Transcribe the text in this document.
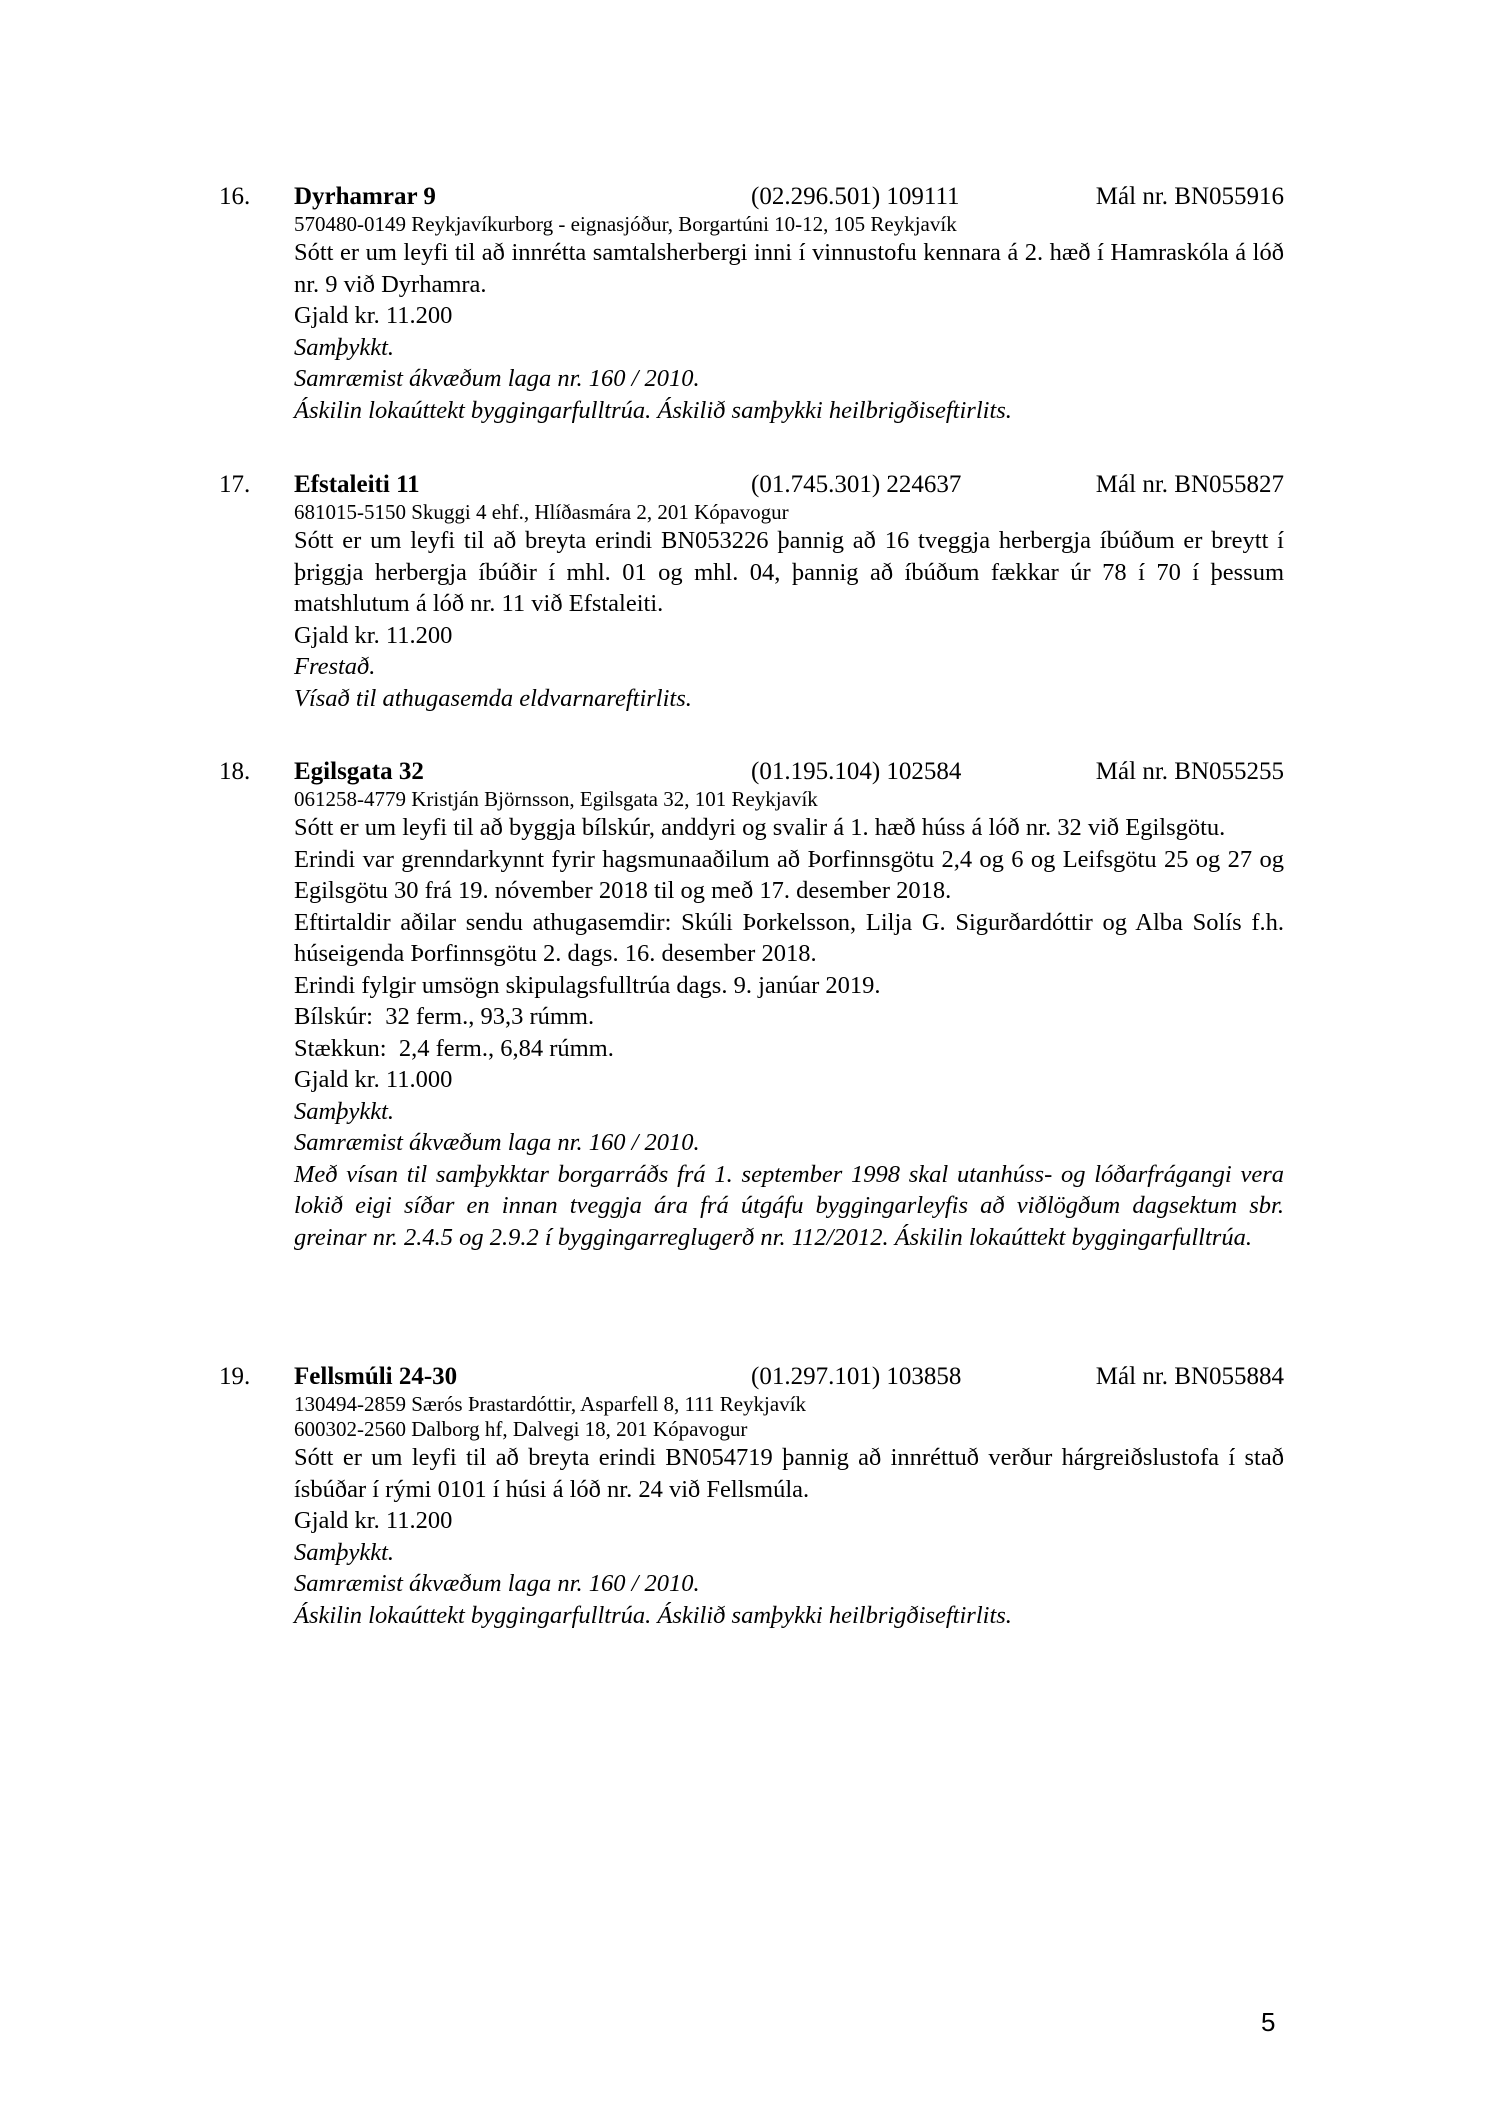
16. Dyrhamrar 9	(02.296.501) 109111	Mál nr. BN055916
570480-0149 Reykjavíkurborg - eignasjóður, Borgartúni 10-12, 105 Reykjavík
Sótt er um leyfi til að innrétta samtalsherbergi inni í vinnustofu kennara á 2. hæð í Hamraskóla á lóð nr. 9 við Dyrhamra.
Gjald kr. 11.200
Samþykkt.
Samræmist ákvæðum laga nr. 160 / 2010.
Áskilin lokaúttekt byggingarfulltrúa. Áskilið samþykki heilbrigðiseftirlits.
17. Efstaleiti 11	(01.745.301) 224637	Mál nr. BN055827
681015-5150 Skuggi 4 ehf., Hlíðasmára 2, 201 Kópavogur
Sótt er um leyfi til að breyta erindi BN053226 þannig að 16 tveggja herbergja íbúðum er breytt í þriggja herbergja íbúðir í mhl. 01 og mhl. 04, þannig að íbúðum fækkar úr 78 í 70 í þessum matshlutum á lóð nr. 11 við Efstaleiti.
Gjald kr. 11.200
Frestað.
Vísað til athugasemda eldvarnareftirlits.
18. Egilsgata 32	(01.195.104) 102584	Mál nr. BN055255
061258-4779 Kristján Björnsson, Egilsgata 32, 101 Reykjavík
Sótt er um leyfi til að byggja bílskúr, anddyri og svalir á 1. hæð húss á lóð nr. 32 við Egilsgötu.
Erindi var grenndarkynnt fyrir hagsmunaaðilum að Þorfinnsgötu 2,4 og 6 og Leifsgötu 25 og 27 og Egilsgötu 30 frá 19. nóvember 2018 til og með 17. desember 2018.
Eftirtaldir aðilar sendu athugasemdir: Skúli Þorkelsson, Lilja G. Sigurðardóttir og Alba Solís f.h. húseigenda Þorfinnsgötu 2. dags. 16. desember 2018.
Erindi fylgir umsögn skipulagsfulltrúa dags. 9. janúar 2019.
Bílskúr:  32 ferm., 93,3 rúmm.
Stækkun:  2,4 ferm., 6,84 rúmm.
Gjald kr. 11.000
Samþykkt.
Samræmist ákvæðum laga nr. 160 / 2010.
Með vísan til samþykktar borgarráðs frá 1. september 1998 skal utanhúss- og lóðarfrágangi vera lokið eigi síðar en innan tveggja ára frá útgáfu byggingarleyfis að viðlögðum dagsektum sbr. greinar nr. 2.4.5 og 2.9.2 í byggingarreglugerð nr. 112/2012. Áskilin lokaúttekt byggingarfulltrúa.
19. Fellsmúli 24-30	(01.297.101) 103858	Mál nr. BN055884
130494-2859 Særós Þrastardóttir, Asparfell 8, 111 Reykjavík
600302-2560 Dalborg hf, Dalvegi 18, 201 Kópavogur
Sótt er um leyfi til að breyta erindi BN054719 þannig að innréttuð verður hárgreiðslustofa í stað ísbúðar í rými 0101 í húsi á lóð nr. 24 við Fellsmúla.
Gjald kr. 11.200
Samþykkt.
Samræmist ákvæðum laga nr. 160 / 2010.
Áskilin lokaúttekt byggingarfulltrúa. Áskilið samþykki heilbrigðiseftirlits.
5
